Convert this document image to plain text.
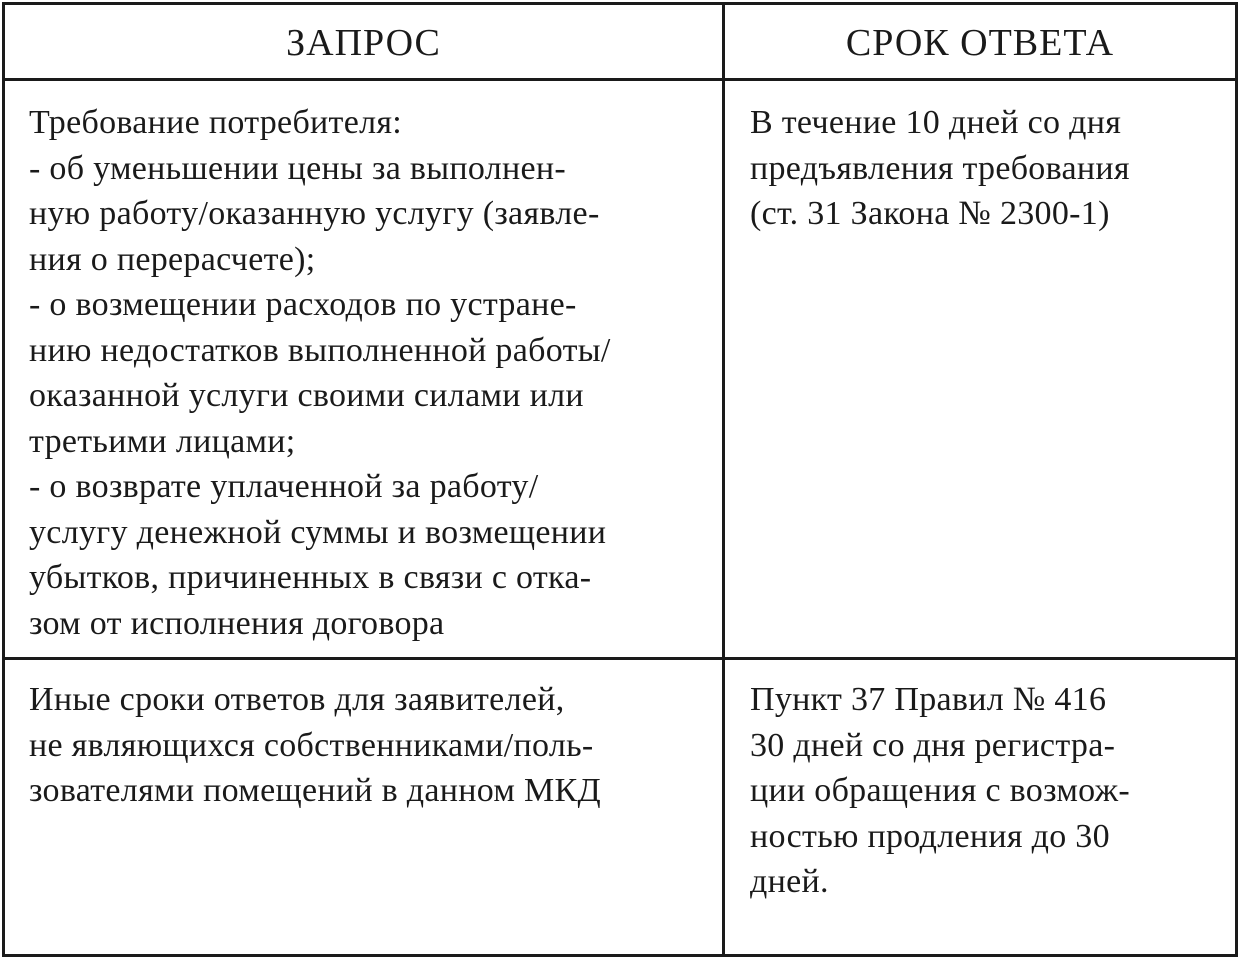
ЗАПРОС	СРОК ОТВЕТА
Требование потребителя:
- об уменьшении цены за выполнен-
ную работу/оказанную услугу (заявле-
ния о перерасчете);
- о возмещении расходов по устране-
нию недостатков выполненной работы/
оказанной услуги своими силами или
третьими лицами;
- о возврате уплаченной за работу/
услугу денежной суммы и возмещении
убытков, причиненных в связи с отка-
зом от исполнения договора
В течение 10 дней со дня
предъявления требования
(ст. 31 Закона № 2300-1)
Иные сроки ответов для заявителей,
не являющихся собственниками/поль-
зователями помещений в данном МКД
Пункт 37 Правил № 416
30 дней со дня регистра-
ции обращения с возмож-
ностью продления до 30
дней.
